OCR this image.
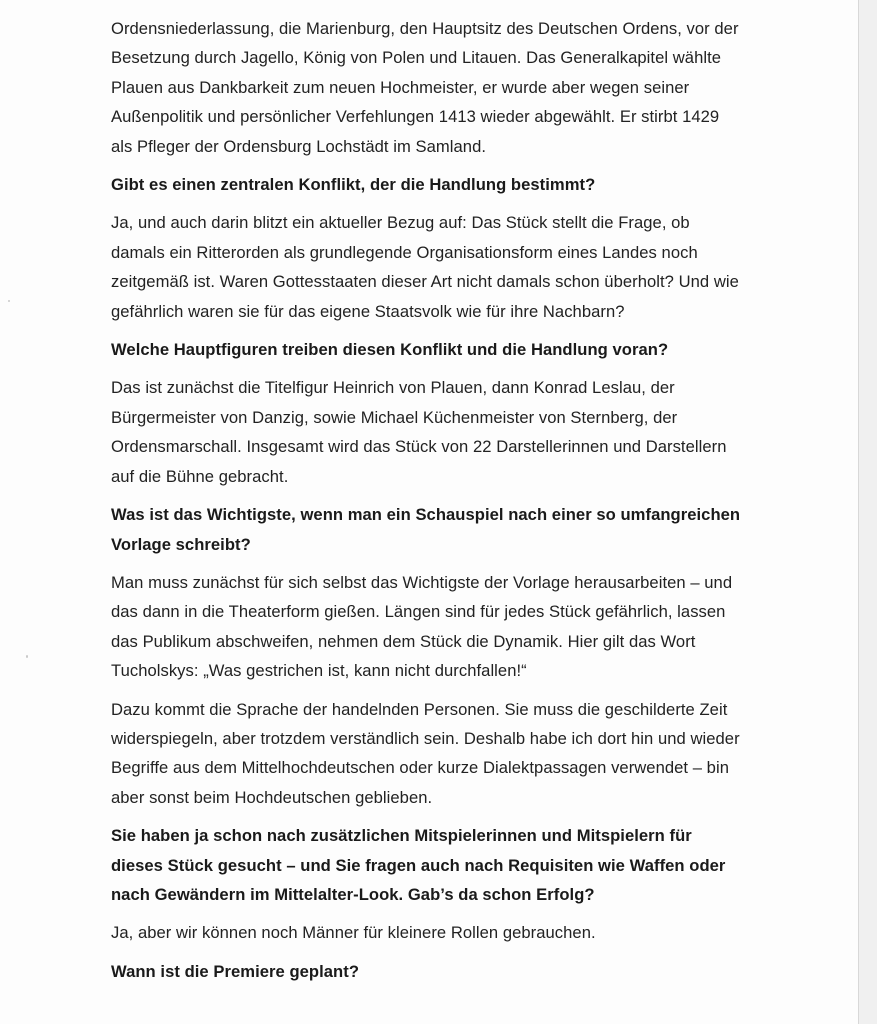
Ordensniederlassung, die Marienburg, den Hauptsitz des Deutschen Ordens, vor der
Besetzung durch Jagello, König von Polen und Litauen. Das Generalkapitel wählte
Plauen aus Dankbarkeit zum neuen Hochmeister, er wurde aber wegen seiner
Außenpolitik und persönlicher Verfehlungen 1413 wieder abgewählt. Er stirbt 1429
als Pfleger der Ordensburg Lochstädt im Samland.

Gibt es einen zentralen Konflikt, der die Handlung bestimmt?

Ja, und auch darin blitzt ein aktueller Bezug auf: Das Stück stellt die Frage, ob
damals ein Ritterorden als grundlegende Organisationsform eines Landes noch
zeitgemäß ist. Waren Gottesstaaten dieser Art nicht damals schon überholt? Und wie
gefährlich waren sie für das eigene Staatsvolk wie für ihre Nachbarn?

Welche Hauptfiguren treiben diesen Konflikt und die Handlung voran?

Das ist zunächst die Titelfigur Heinrich von Plauen, dann Konrad Leslau, der
Bürgermeister von Danzig, sowie Michael Küchenmeister von Sternberg, der
Ordensmarschall. Insgesamt wird das Stück von 22 Darstellerinnen und Darstellern
auf die Bühne gebracht.

Was ist das Wichtigste, wenn man ein Schauspiel nach einer so umfangreichen
Vorlage schreibt?

Man muss zunächst für sich selbst das Wichtigste der Vorlage herausarbeiten – und
das dann in die Theaterform gießen. Längen sind für jedes Stück gefährlich, lassen
das Publikum abschweifen, nehmen dem Stück die Dynamik. Hier gilt das Wort
Tucholskys: „Was gestrichen ist, kann nicht durchfallen!“

Dazu kommt die Sprache der handelnden Personen. Sie muss die geschilderte Zeit
widerspiegeln, aber trotzdem verständlich sein. Deshalb habe ich dort hin und wieder
Begriffe aus dem Mittelhochdeutschen oder kurze Dialektpassagen verwendet – bin
aber sonst beim Hochdeutschen geblieben.

Sie haben ja schon nach zusätzlichen Mitspielerinnen und Mitspielern für
dieses Stück gesucht – und Sie fragen auch nach Requisiten wie Waffen oder
nach Gewändern im Mittelalter-Look. Gab’s da schon Erfolg?

Ja, aber wir können noch Männer für kleinere Rollen gebrauchen.

Wann ist die Premiere geplant?
